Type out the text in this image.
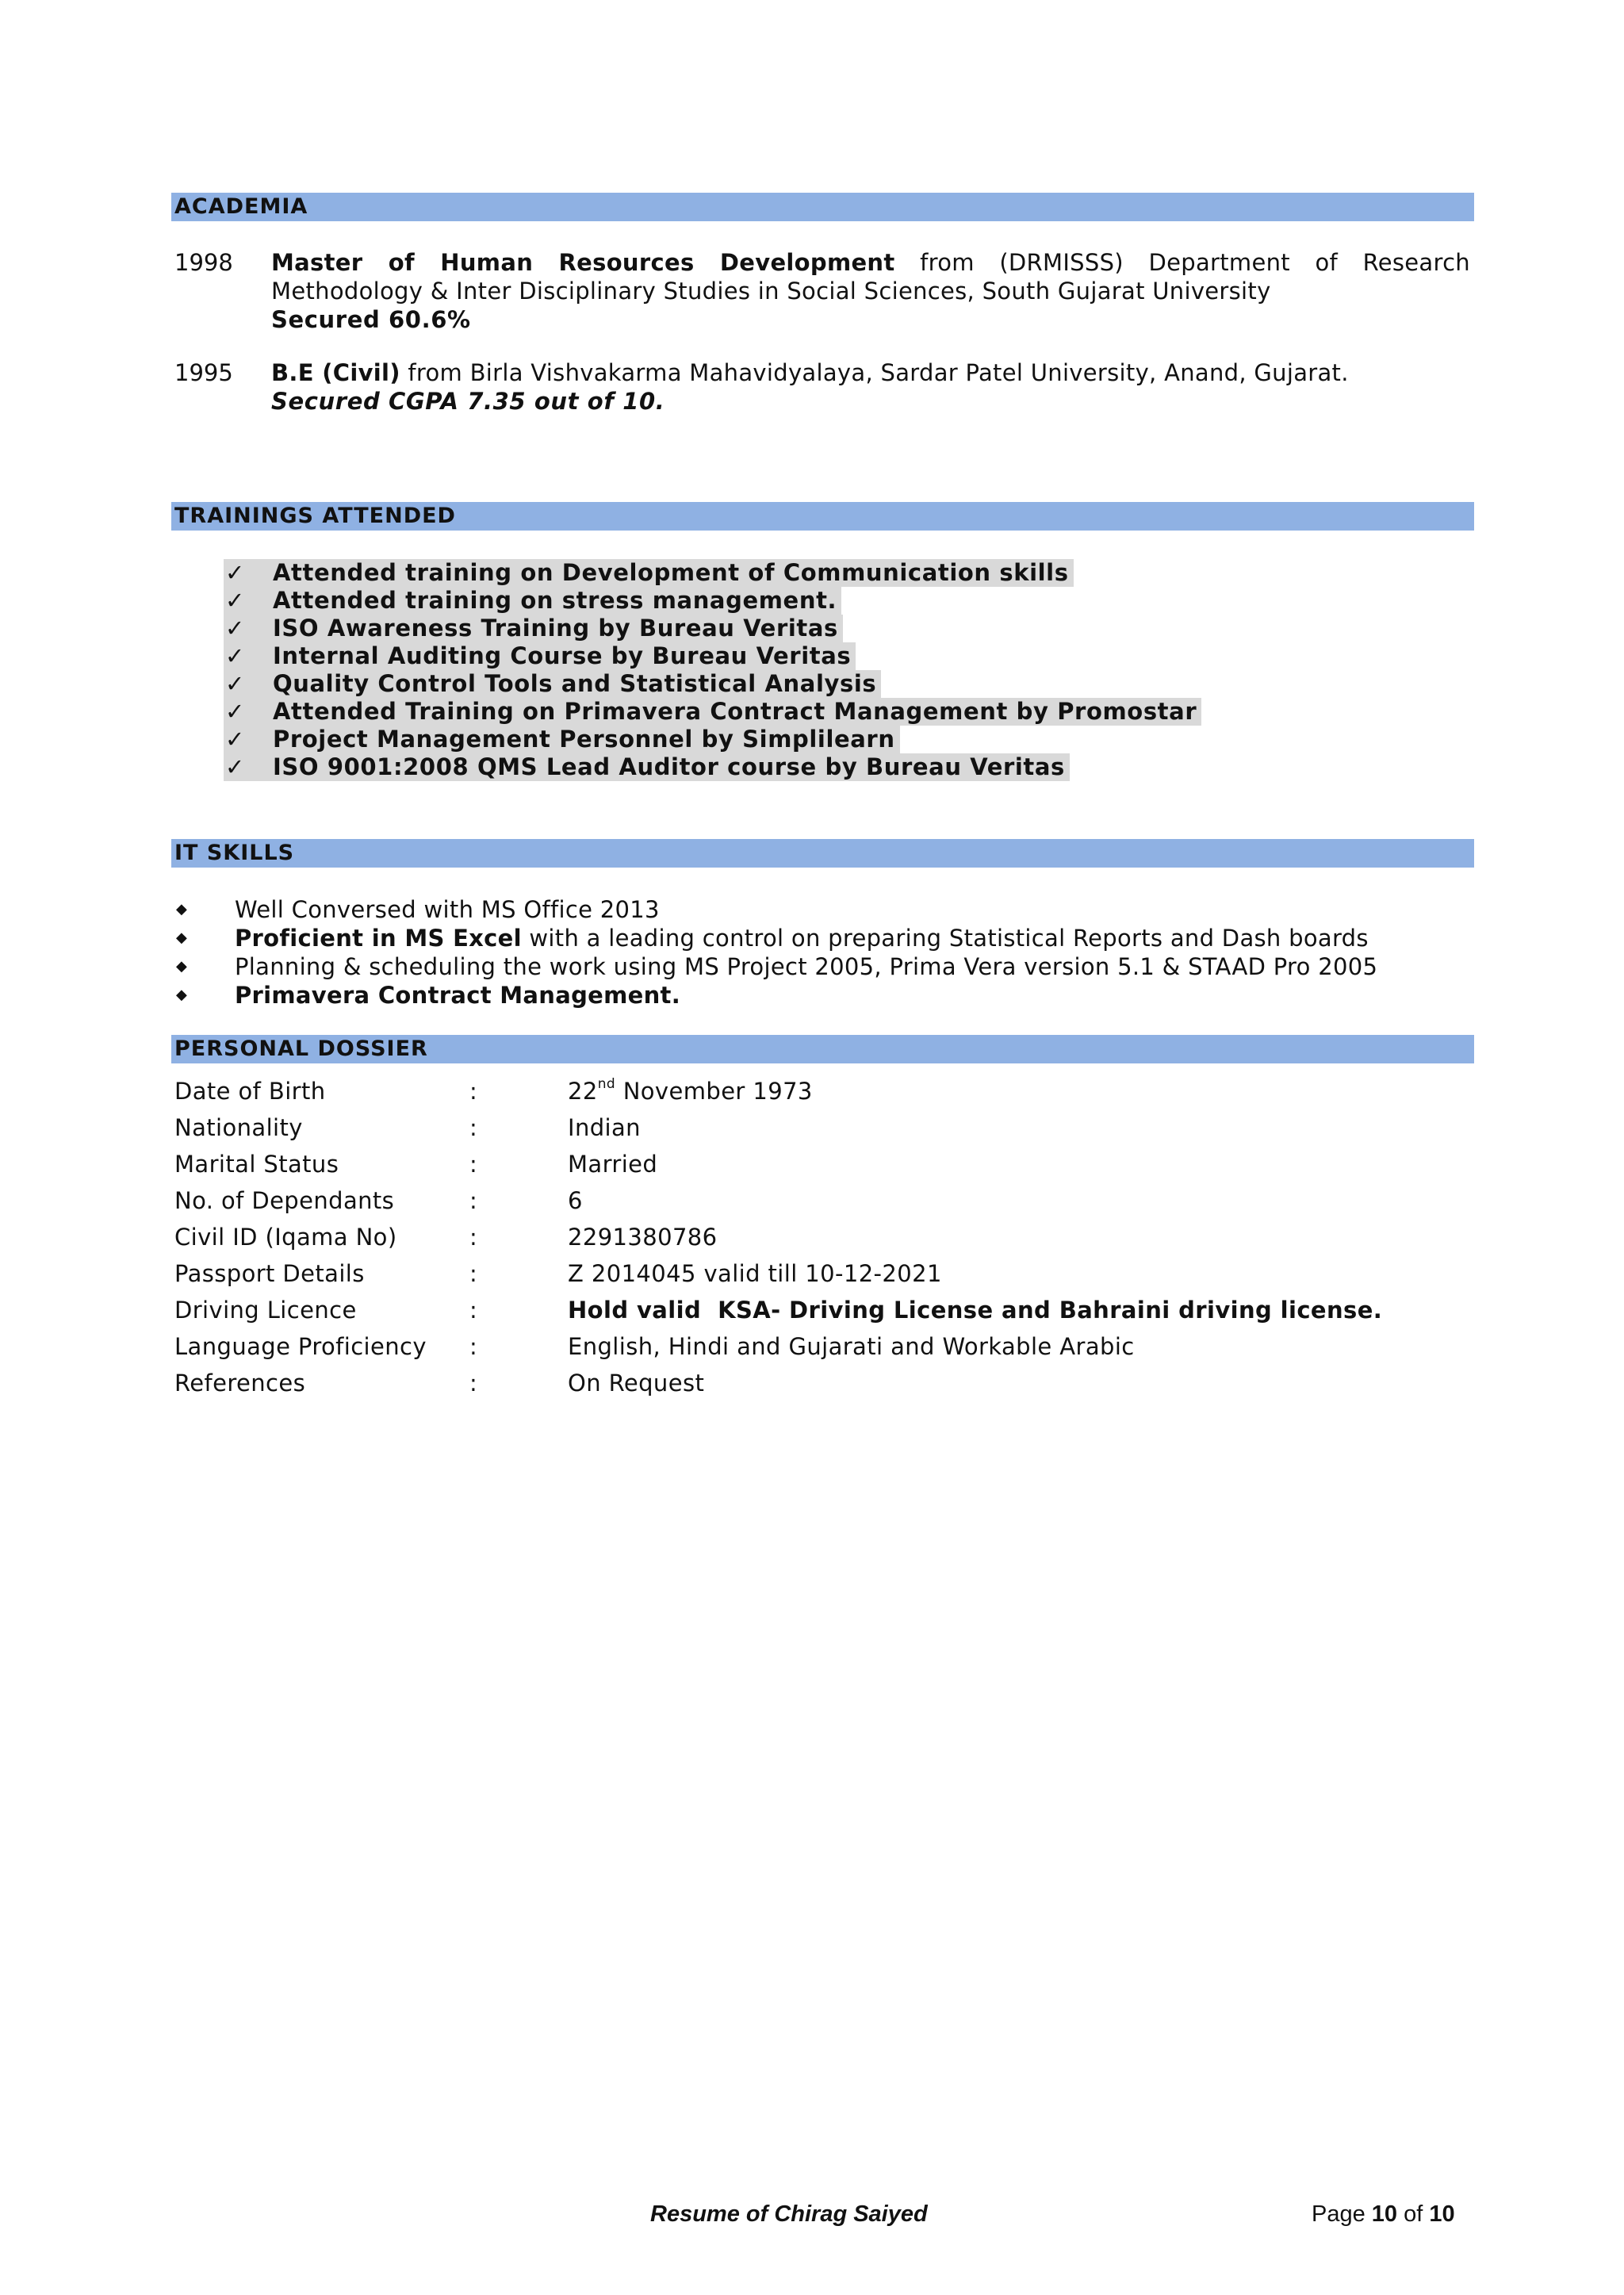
ACADEMIA
1998 Master of Human Resources Development from (DRMISSS) Department of Research
Methodology & Inter Disciplinary Studies in Social Sciences, South Gujarat University
Secured 60.6%
1995 B.E (Civil) from Birla Vishvakarma Mahavidyalaya, Sardar Patel University, Anand, Gujarat.
Secured CGPA 7.35 out of 10.
TRAININGS ATTENDED
✓	Attended training on Development of Communication skills
✓	Attended training on stress management.
✓	ISO Awareness Training by Bureau Veritas
✓	Internal Auditing Course by Bureau Veritas
✓	Quality Control Tools and Statistical Analysis
✓	Attended Training on Primavera Contract Management by Promostar
✓	Project Management Personnel by Simplilearn
✓	ISO 9001:2008 QMS Lead Auditor course by Bureau Veritas
IT SKILLS
◆	Well Conversed with MS Office 2013
◆	Proficient in MS Excel with a leading control on preparing Statistical Reports and Dash boards
◆	Planning & scheduling the work using MS Project 2005, Prima Vera version 5.1 & STAAD Pro 2005
◆	Primavera Contract Management.
PERSONAL DOSSIER
Date of Birth	:	22nd November 1973
Nationality	:	Indian
Marital Status	:	Married
No. of Dependants	:	6
Civil ID (Iqama No)	:	2291380786
Passport Details	:	Z 2014045 valid till 10-12-2021
Driving Licence	:	Hold valid  KSA- Driving License and Bahraini driving license.
Language Proficiency :	English, Hindi and Gujarati and Workable Arabic
References	:	On Request
Resume of Chirag Saiyed	Page 10 of 10
